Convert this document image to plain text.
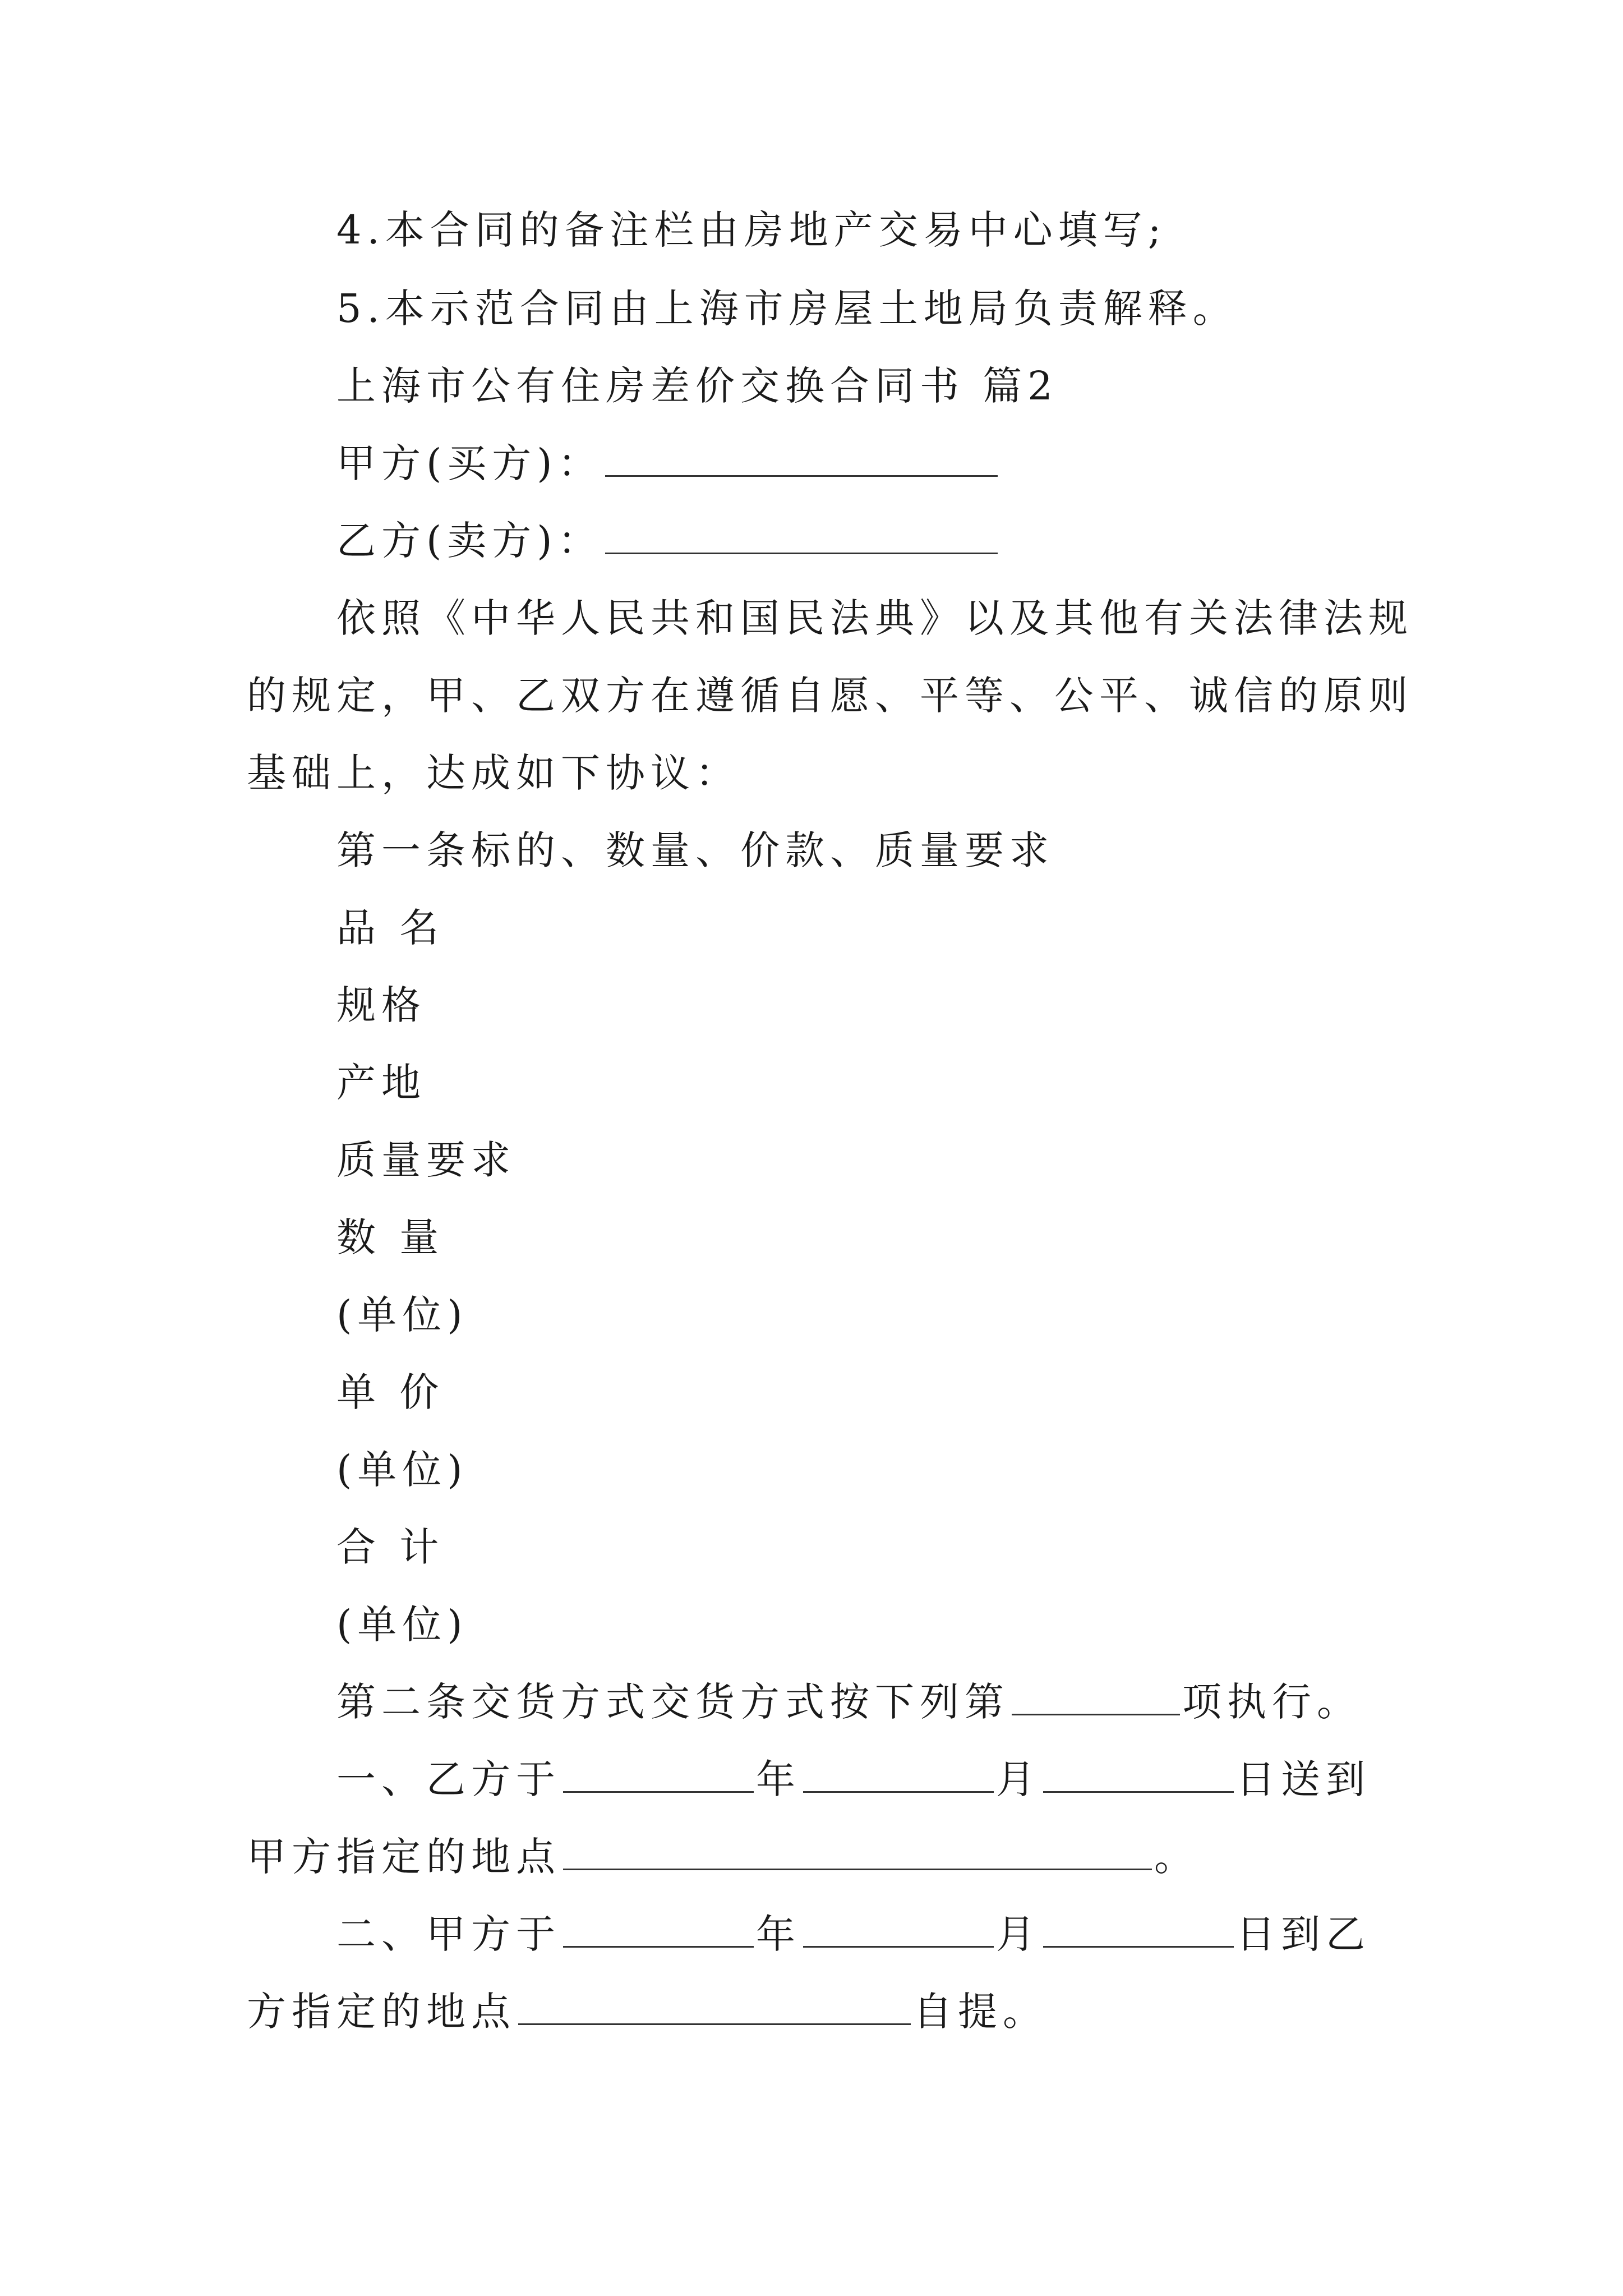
4.本合同的备注栏由房地产交易中心填写;
5.本示范合同由上海市房屋土地局负责解释。
上海市公有住房差价交换合同书 篇2
甲方(买方)：
乙方(卖方)：
依照《中华人民共和国民法典》以及其他有关法律法规
的规定，甲、乙双方在遵循自愿、平等、公平、诚信的原则
基础上，达成如下协议：
第一条标的、数量、价款、质量要求
品 名
规格
产地
质量要求
数 量
(单位)
单 价
(单位)
合 计
(单位)
第二条交货方式交货方式按下列第	项执行。
一、乙方于	年	月	日送到
甲方指定的地点	。
二、甲方于	年	月	日到乙
方指定的地点	自提。
